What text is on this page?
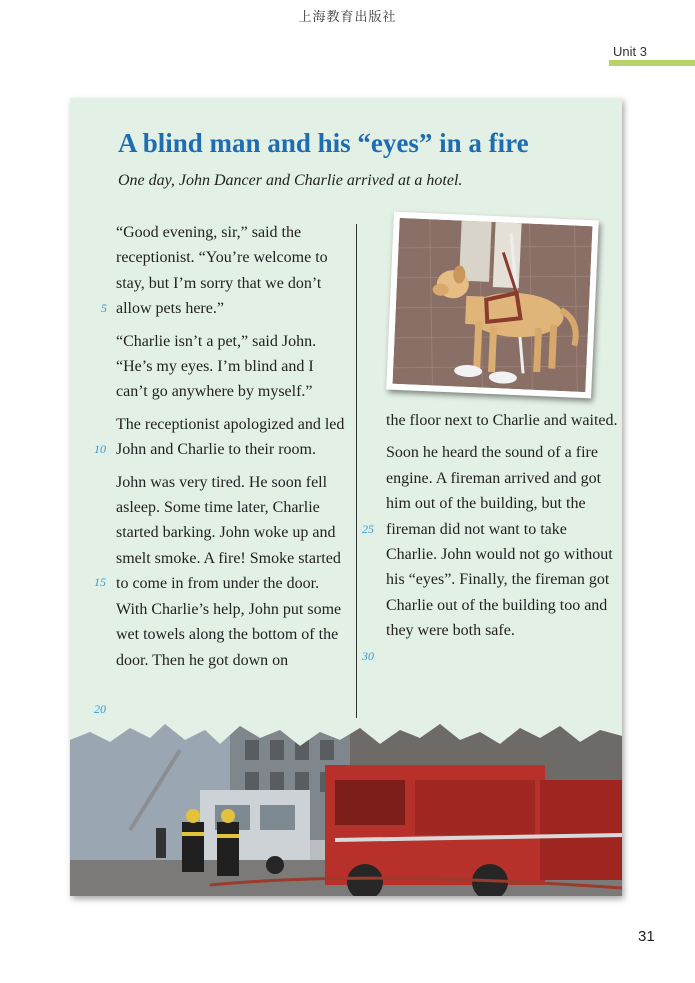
上海教育出版社
Unit 3
A blind man and his “eyes” in a fire
One day, John Dancer and Charlie arrived at a hotel.

“Good evening, sir,” said the receptionist. “You’re welcome to stay, but I’m sorry that we don’t allow pets here.”

“Charlie isn’t a pet,” said John. “He’s my eyes. I’m blind and I can’t go anywhere by myself.”

The receptionist apologized and led John and Charlie to their room.

John was very tired. He soon fell asleep. Some time later, Charlie started barking. John woke up and smelt smoke. A fire! Smoke started to come in from under the door. With Charlie’s help, John put some wet towels along the bottom of the door. Then he got down on

the floor next to Charlie and waited.

Soon he heard the sound of a fire engine. A fireman arrived and got him out of the building, but the fireman did not want to take Charlie. John would not go without his “eyes”. Finally, the fireman got Charlie out of the building too and they were both safe.

5
10
15
20
25
30
31
